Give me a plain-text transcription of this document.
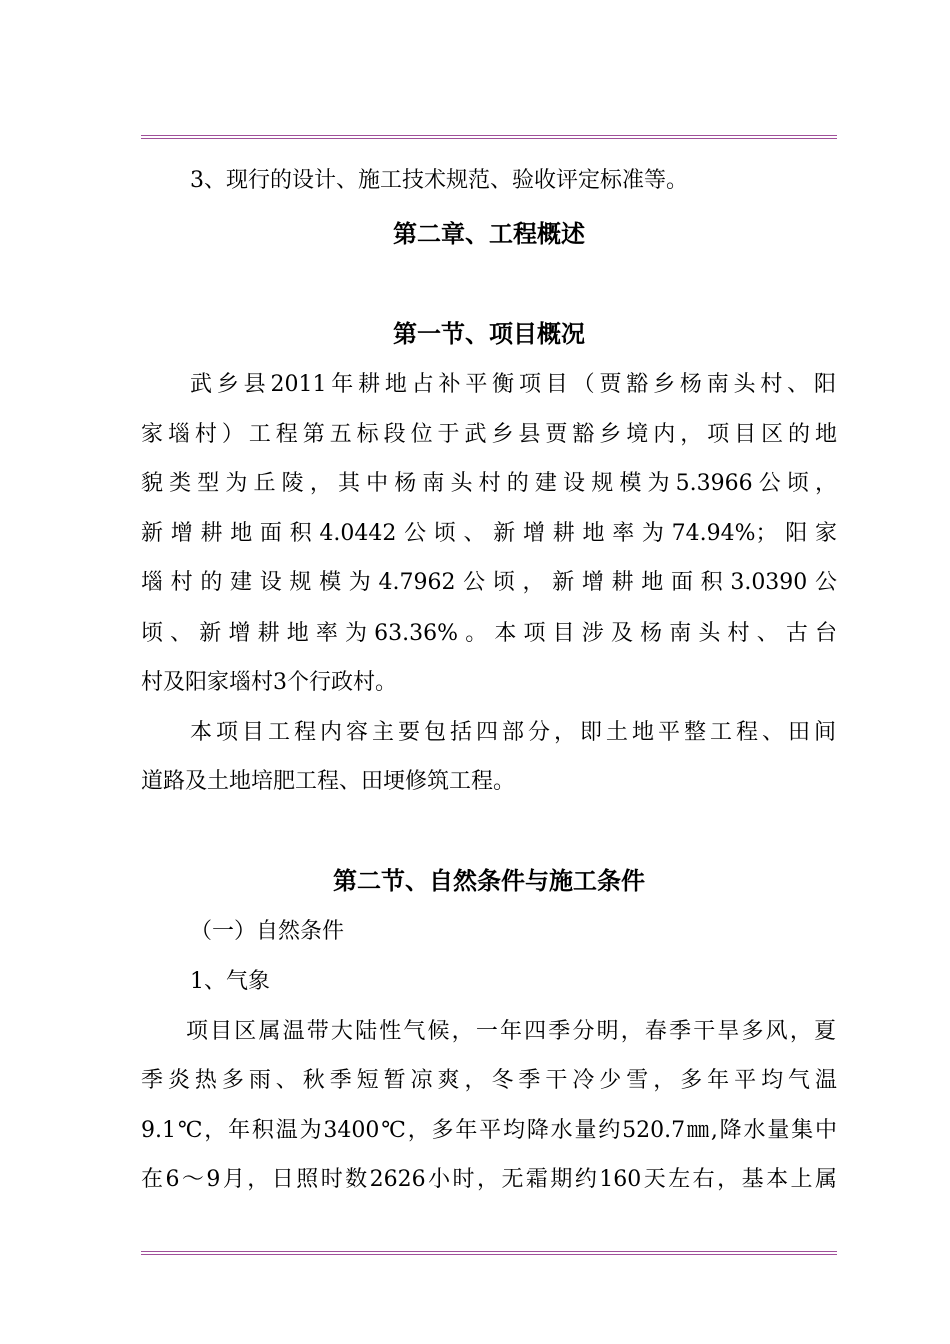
3、现行的设计、施工技术规范、验收评定标准等。
第二章、工程概述
第一节、项目概况
武乡县2011年耕地占补平衡项目（贾豁乡杨南头村、阳
家堖村）工程第五标段位于武乡县贾豁乡境内，项目区的地
貌类型为丘陵，其中杨南头村的建设规模为5.3966公顷，
新增耕地面积4.0442公顷、新增耕地率为74.94%；阳家
堖村的建设规模为4.7962公顷，新增耕地面积3.0390公
顷、新增耕地率为63.36%。本项目涉及杨南头村、古台
村及阳家堖村3个行政村。
本项目工程内容主要包括四部分，即土地平整工程、田间
道路及土地培肥工程、田埂修筑工程。
第二节、自然条件与施工条件
（一）自然条件
1、气象
项目区属温带大陆性气候，一年四季分明，春季干旱多风，夏
季炎热多雨、秋季短暂凉爽，冬季干冷少雪，多年平均气温
9.1℃，年积温为3400℃，多年平均降水量约520.7㎜,降水量集中
在6～9月，日照时数2626小时，无霜期约160天左右，基本上属
